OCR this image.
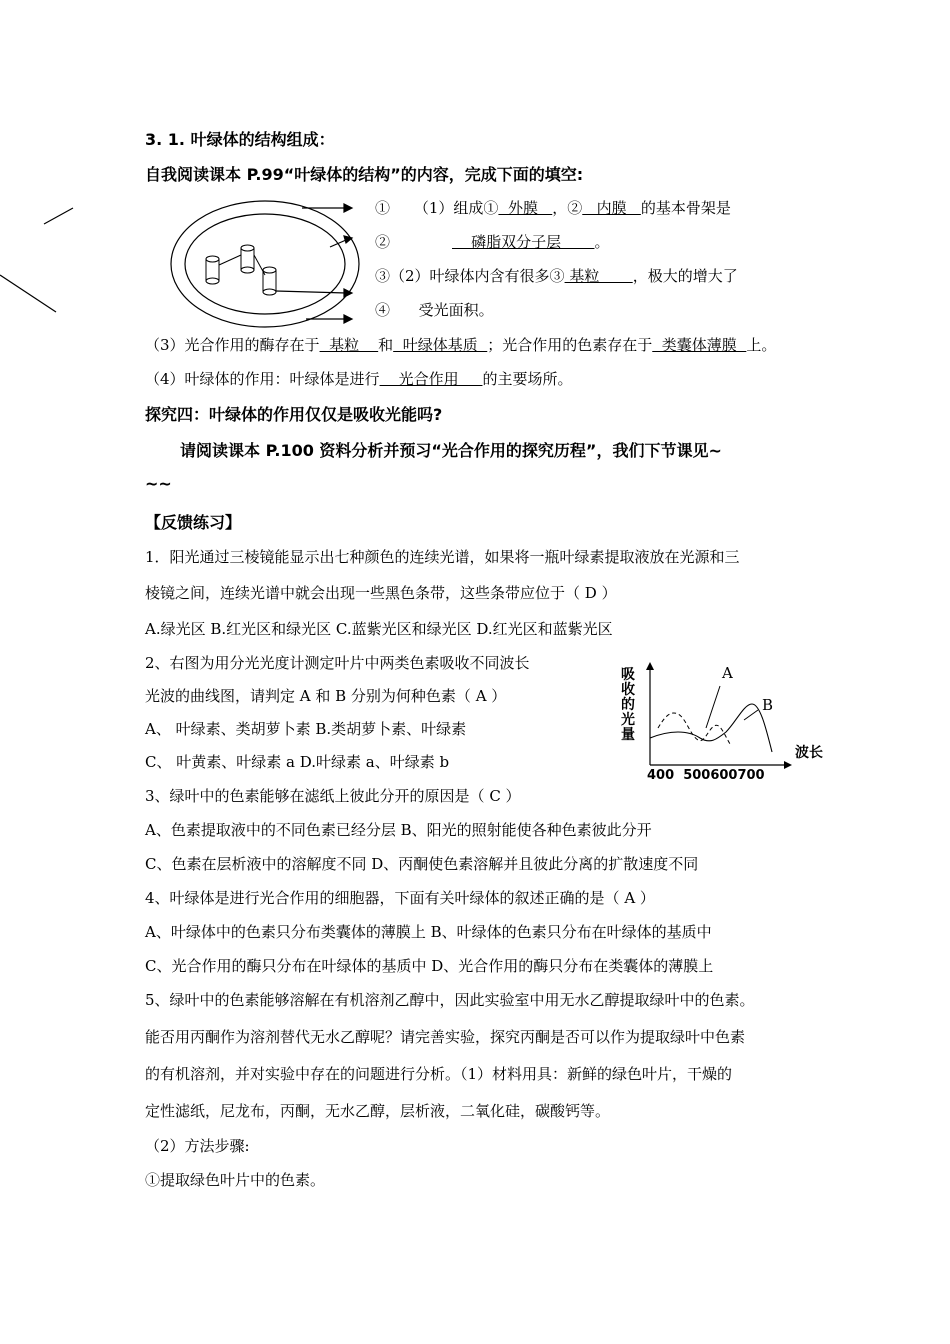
3. 1. 叶绿体的结构组成：
自我阅读课本 P.99“叶绿体的结构”的内容，完成下面的填空:
① （1）组成①  外膜   ，②   内膜   的基本骨架是
②	磷脂双分子层       。
③（2）叶绿体内含有很多③ 基粒       ，极大的增大了
④ 受光面积。
（3）光合作用的酶存在于  基粒    和  叶绿体基质  ；光合作用的色素存在于  类囊体薄膜  上。
（4）叶绿体的作用：叶绿体是进行    光合作用     的主要场所。
探究四：叶绿体的作用仅仅是吸收光能吗?
请阅读课本 P.100 资料分析并预习“光合作用的探究历程”，我们下节课见~
~~
【反馈练习】
1．阳光通过三棱镜能显示出七种颜色的连续光谱，如果将一瓶叶绿素提取液放在光源和三
棱镜之间，连续光谱中就会出现一些黑色条带，这些条带应位于（ D ）
A.绿光区 B.红光区和绿光区 C.蓝紫光区和绿光区 D.红光区和蓝紫光区
2、右图为用分光光度计测定叶片中两类色素吸收不同波长
光波的曲线图，请判定 A 和 B 分别为何种色素（ A ）
A、 叶绿素、类胡萝卜素 B.类胡萝卜素、叶绿素
C、 叶黄素、叶绿素 a D.叶绿素 a、叶绿素 b
吸
收
的
光
量
A
B
波长
400  500600700
3、绿叶中的色素能够在滤纸上彼此分开的原因是（ C ）
A、色素提取液中的不同色素已经分层 B、阳光的照射能使各种色素彼此分开
C、色素在层析液中的溶解度不同 D、丙酮使色素溶解并且彼此分离的扩散速度不同
4、叶绿体是进行光合作用的细胞器，下面有关叶绿体的叙述正确的是（ A ）
A、叶绿体中的色素只分布类囊体的薄膜上 B、叶绿体的色素只分布在叶绿体的基质中
C、光合作用的酶只分布在叶绿体的基质中 D、光合作用的酶只分布在类囊体的薄膜上
5、绿叶中的色素能够溶解在有机溶剂乙醇中，因此实验室中用无水乙醇提取绿叶中的色素。
能否用丙酮作为溶剂替代无水乙醇呢？请完善实验，探究丙酮是否可以作为提取绿叶中色素
的有机溶剂，并对实验中存在的问题进行分析。（1）材料用具：新鲜的绿色叶片，干燥的
定性滤纸，尼龙布，丙酮，无水乙醇，层析液，二氧化硅，碳酸钙等。
（2）方法步骤:
①提取绿色叶片中的色素。
